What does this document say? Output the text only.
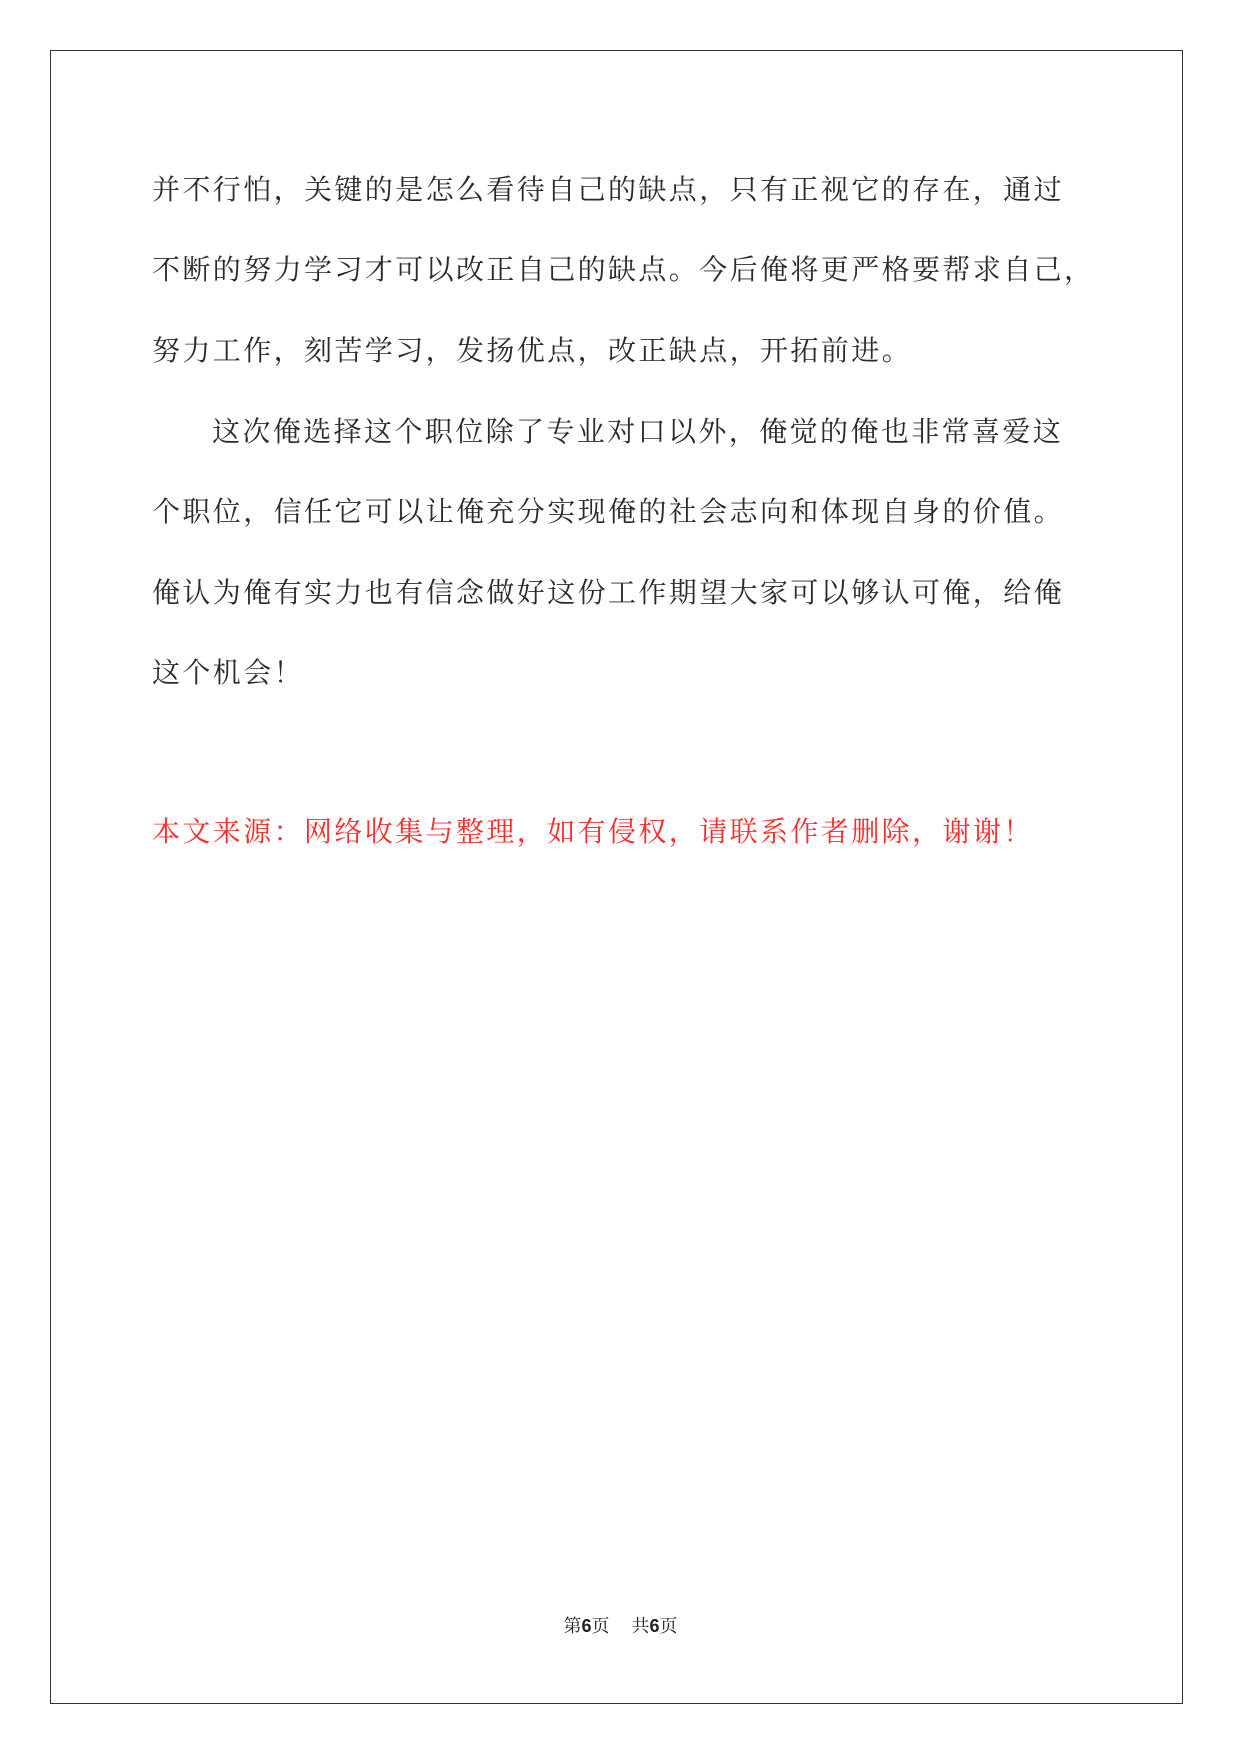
并不行怕，关键的是怎么看待自己的缺点，只有正视它的存在，通过
不断的努力学习才可以改正自己的缺点。今后俺将更严格要帮求自己，
努力工作，刻苦学习，发扬优点，改正缺点，开拓前进。
这次俺选择这个职位除了专业对口以外，俺觉的俺也非常喜爱这
个职位，信任它可以让俺充分实现俺的社会志向和体现自身的价值。
俺认为俺有实力也有信念做好这份工作期望大家可以够认可俺，给俺
这个机会！
本文来源：网络收集与整理，如有侵权，请联系作者删除，谢谢！
第6页 共6页
